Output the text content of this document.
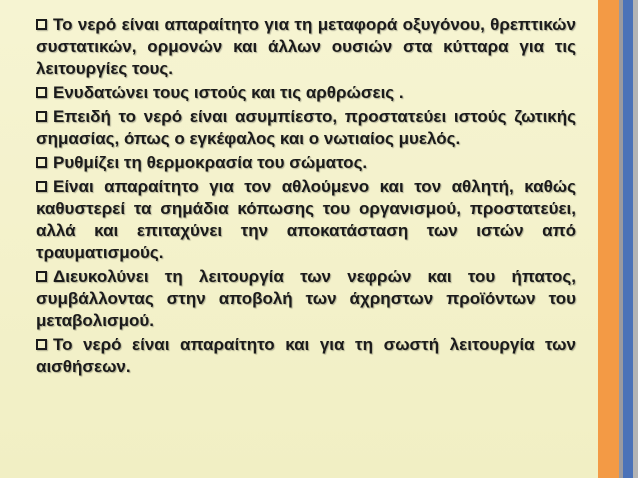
Το νερό είναι απαραίτητο για τη μεταφορά οξυγόνου, θρεπτικών συστατικών, ορμονών και άλλων ουσιών στα κύτταρα για τις λειτουργίες τους.
Ενυδατώνει τους ιστούς και τις αρθρώσεις .
Επειδή το νερό είναι ασυμπίεστο, προστατεύει ιστούς ζωτικής σημασίας, όπως ο εγκέφαλος και ο νωτιαίος μυελός.
Ρυθμίζει τη θερμοκρασία του σώματος.
Είναι απαραίτητο για τον αθλούμενο και τον αθλητή, καθώς καθυστερεί τα σημάδια κόπωσης του οργανισμού, προστατεύει, αλλά και επιταχύνει την αποκατάσταση των ιστών από τραυματισμούς.
Διευκολύνει τη λειτουργία των νεφρών και του ήπατος, συμβάλλοντας στην αποβολή των άχρηστων προϊόντων του μεταβολισμού.
Το νερό είναι απαραίτητο και για τη σωστή λειτουργία των αισθήσεων.
